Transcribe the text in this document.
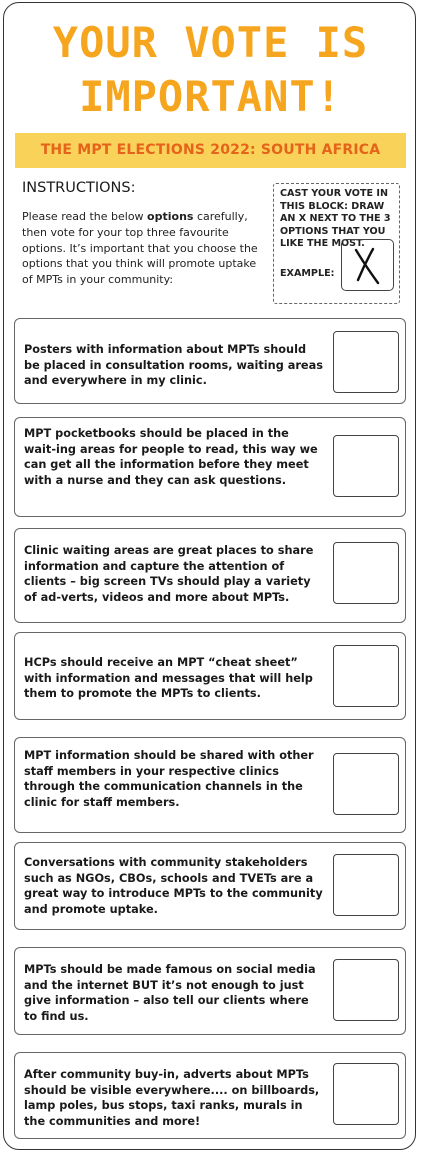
YOUR VOTE IS
IMPORTANT!
THE MPT ELECTIONS 2022: SOUTH AFRICA
INSTRUCTIONS:
Please read the below options carefully, then vote for your top three favourite options. It’s important that you choose the options that you think will promote uptake of MPTs in your community:
CAST YOUR VOTE IN THIS BLOCK: DRAW AN X NEXT TO THE 3 OPTIONS THAT YOU LIKE THE MOST.
EXAMPLE:
Posters with information about MPTs should be placed in consultation rooms, waiting areas and everywhere in my clinic.
MPT pocketbooks should be placed in the wait-ing areas for people to read, this way we can get all the information before they meet with a nurse and they can ask questions.
Clinic waiting areas are great places to share information and capture the attention of clients – big screen TVs should play a variety of ad-verts, videos and more about MPTs.
HCPs should receive an MPT “cheat sheet” with information and messages that will help them to promote the MPTs to clients.
MPT information should be shared with other staff members in your respective clinics through the communication channels in the clinic for staff members.
Conversations with community stakeholders such as NGOs, CBOs, schools and TVETs are a great way to introduce MPTs to the community and promote uptake.
MPTs should be made famous on social media and the internet BUT it’s not enough to just give information – also tell our clients where to find us.
After community buy-in, adverts about MPTs should be visible everywhere.... on billboards, lamp poles, bus stops, taxi ranks, murals in the communities and more!
